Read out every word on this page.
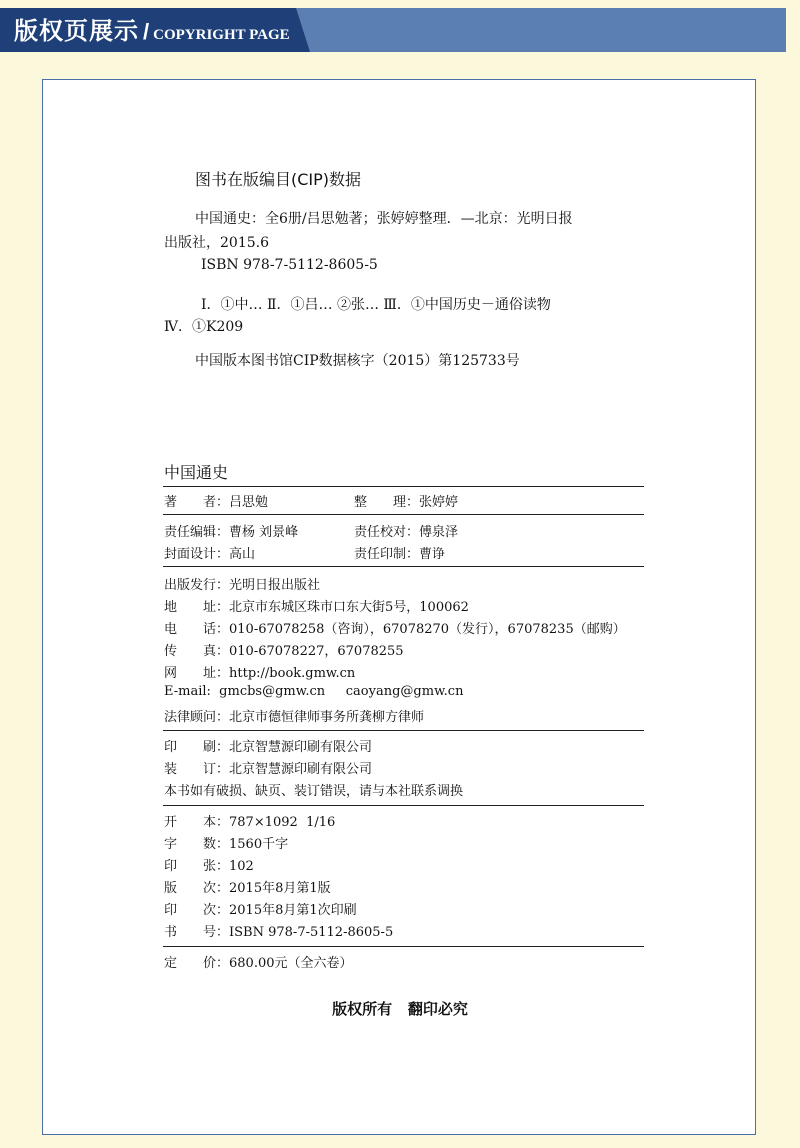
版权页展示 / COPYRIGHT PAGE
图书在版编目(CIP)数据
中国通史：全6册/吕思勉著；张婷婷整理．—北京：光明日报
出版社，2015.6
ISBN 978-7-5112-8605-5
Ⅰ．①中… Ⅱ．①吕… ②张… Ⅲ．①中国历史－通俗读物
Ⅳ．①K209
中国版本图书馆CIP数据核字（2015）第125733号
中国通史
著者：吕思勉	整理：张婷婷
责任编辑：曹杨 刘景峰	责任校对：傅泉泽
封面设计：高山	责任印制：曹诤
出版发行：光明日报出版社
地址：北京市东城区珠市口东大街5号，100062
电话：010-67078258（咨询），67078270（发行），67078235（邮购）
传真：010-67078227，67078255
网址：http://book.gmw.cn
E-mail: gmcbs@gmw.cn     caoyang@gmw.cn
法律顾问：北京市德恒律师事务所龚柳方律师
印刷：北京智慧源印刷有限公司
装订：北京智慧源印刷有限公司
本书如有破损、缺页、装订错误，请与本社联系调换
开本：787×1092  1/16
字数：1560千字
印张：102
版次：2015年8月第1版
印次：2015年8月第1次印刷
书号：ISBN 978-7-5112-8605-5
定价：680.00元（全六卷）
版权所有   翻印必究
